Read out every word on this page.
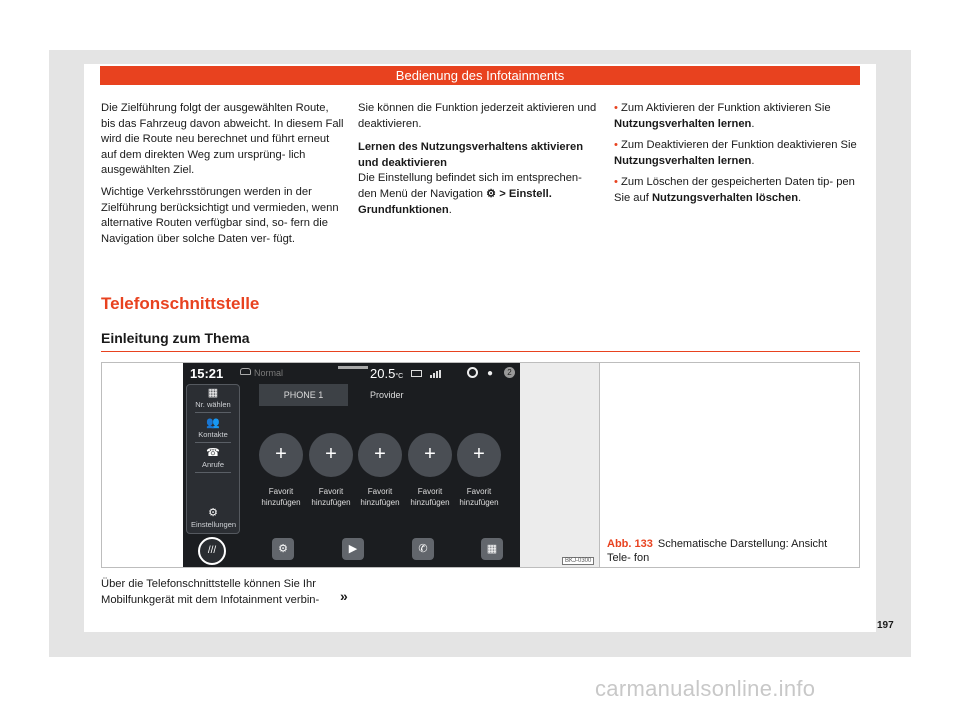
Bedienung des Infotainments

Die Zielführung folgt der ausgewählten Route, bis das Fahrzeug davon abweicht. In diesem Fall wird die Route neu berechnet und führt erneut auf dem direkten Weg zum ursprüng- lich ausgewählten Ziel.

Wichtige Verkehrsstörungen werden in der Zielführung berücksichtigt und vermieden, wenn alternative Routen verfügbar sind, so- fern die Navigation über solche Daten ver- fügt.

Sie können die Funktion jederzeit aktivieren und deaktivieren.

Lernen des Nutzungsverhaltens aktivieren und deaktivieren

Die Einstellung befindet sich im entsprechen- den Menü der Navigation ⚙ > Einstell. Grundfunktionen.

• Zum Aktivieren der Funktion aktivieren Sie Nutzungsverhalten lernen.

• Zum Deaktivieren der Funktion deaktivieren Sie Nutzungsverhalten lernen.

• Zum Löschen der gespeicherten Daten tip- pen Sie auf Nutzungsverhalten löschen.

Telefonschnittstelle
Einleitung zum Thema
15:21	Normal	20.5°C	●	2
▦
Nr. wählen
👥
Kontakte
☎
Anrufe
⚙
Einstellungen
PHONE 1	Provider
+	+	+	+	+
Favorit
hinzufügen
Favorit
hinzufügen
Favorit
hinzufügen
Favorit
hinzufügen
Favorit
hinzufügen
///	⚙	▶	✆	▦
BKJ-0300
Abb. 133 Schematische Darstellung: Ansicht Tele- fon
Über die Telefonschnittstelle können Sie Ihr Mobilfunkgerät mit dem Infotainment verbin-	»
197
carmanualsonline.info
